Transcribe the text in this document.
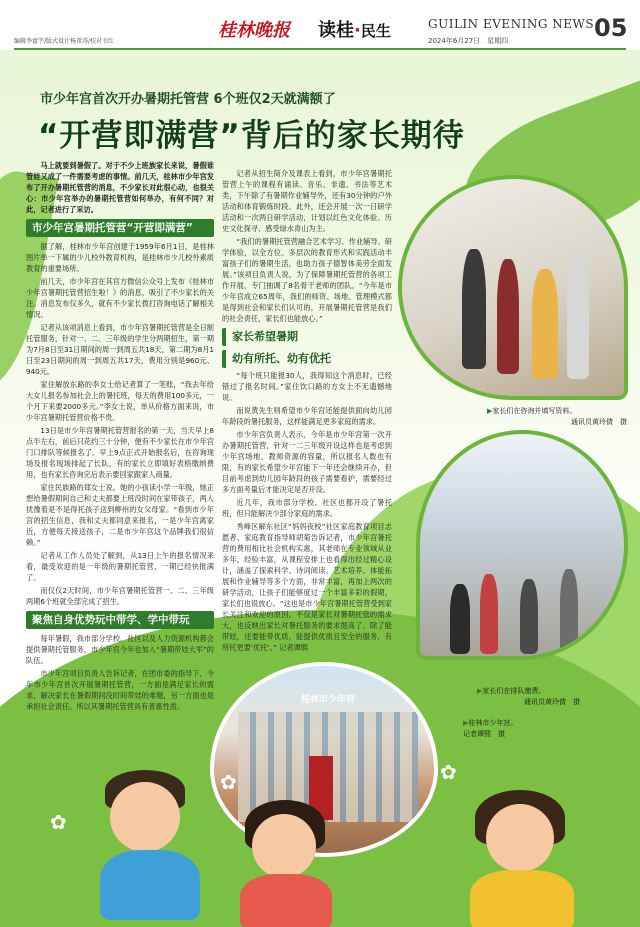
编辑李富宇/版式设计杨希涛/校对韦红
桂林晚报 读桂·民生	GUILIN EVENING NEWS
2024年6月27日　星期四	05
市少年宫首次开办暑期托管营 6个班仅2天就满额了
“开营即满营”背后的家长期待

马上就要到暑假了。对于不少上班族家长来说，暑假谁管娃又成了一件需要考虑的事情。前几天，桂林市少年宫发布了开办暑期托管营的消息，不少家长对此很心动，也很关心：市少年宫举办的暑期托管营如何举办，有何不同？对此，记者进行了采访。

市少年宫暑期托管营“开营即满营”

据了解，桂林市少年宫创建于1959年6月1日，是桂林图片单一下属的少儿校外教育机构，是桂林市少儿校外素质教育的重要场所。

前几天，市少年宫在其官方微信公众号上发布《桂林市少年宫暑期托管营招生啦！》的消息，吸引了不少家长的关注。消息发布仅多久，就有不少家长拨打咨询电话了解相关情况。

记者从该项消息上看到，市少年宫暑期托管营是全日制托管服务，针对一、二、三年级的学生分两期招生，第一期为7月8日至31日期间的周一到周五共18天，第二期为8月1日至23日期间的周一到周五共17天，费用分别是960元、940元。

家住解放东路的李女士给记者算了一笔账，“我去年给大女儿报名参加社会上的暑托班，每天的费用100多元，一个月下来要2000多元。”李女士说，单从价格方面来说，市少年宫暑期托管营价格不贵。

13日是市少年宫暑期托管营报名的第一天，当天早上8点半左右，前后只花约三十分钟，便有不少家长在市少年宫门口排队等候报名了。早上9点正式开始报名后，在咨询现场及报名现场排起了长队，有的家长立即填好表格缴纳费用，也有家长咨询完后表示要回家跟家人商量。

家住民族路的郑女士说，她的小孩读小学一年级，她正想给暑假期间自己和丈夫都要上班没时间在家带孩子，两人扰豫着是不是得托孩子送到柳州的女父母家。“看到市少年宫的招生信息，我和丈夫都同意来报名，一是少年宫离家近，方便每天接送孩子，二是市少年宫这个品牌我们很信赖。”

记者从工作人员处了解到，从13日上午的报名情况来看，最受欢迎的是一年级的暑期托管营，一期已经快报满了。

而仅仅2天时间，市少年宫暑期托管营一、二、三年级两期6个班就全部完成了招生。

聚焦自身优势玩中带学、学中带玩

每年暑假，我市部分学校、社区以及人力资源机构都会提供暑期托管服务，市少年宫今年也加入“暑期带娃大军”的队伍。

市少年宫项目负责人告诉记者，在团市委的指导下，今年市少年宫首次开展暑期托管营，一方面是满足家长的需求，解决家长在暑假期间没时间带娃的难题，另一方面也是承担社会责任。所以其暑期托管营具有普惠性质。

记者从招生简介及课表上看到，市少年宫暑期托管营上午的课程有诵读、音乐、非遗、书法等艺术类，下午除了有暑期作业辅导外，还有30分钟的户外活动和体育锻炼时段。此外，还会开展一次一日研学活动和一次两日研学活动，计划以红色文化体验、历史文化探寻、感受绿水青山为主。

“我们的暑期托管营融合艺术学习、作业辅导、研学体验，以全方位、多层次的教育形式和实践活动丰富孩子们的暑期生活，也助力孩子德智体美劳全面发展。”该项目负责人说，为了保障暑期托管营的各项工作开展，专门抽调了8名骨干老师的团队。“今年是市少年宫成立65周年，我们的师资、场地、管理模式都是得到社会和家长们认可的，开展暑期托管营是我们的社会责任，家长们也能放心。”

家长希望暑期
幼有所托、幼有优托

“每个班只能报30人，我得知这个消息时，已经错过了报名时间。”家住饮口路的方女士不无遗憾地说。

而说黄先生则希望市少年宫还能提供面向幼儿园年龄段的暑托服务，这样能满足更多家庭的需求。

市少年宫负责人表示，今年是市少年宫第一次开办暑期托管营，针对一二三年级开设这样也是考虑到少年宫场地、教师资源的容量，所以报名人数也有限，有的家长希望少年宫能下一年还会继续开办，但目前考虑到幼儿园年龄段的孩子需要看护，需要经过多方面考量后才能决定是否开设。

近几年，我市部分学校、社区也都开设了暑托班，但只能解决少部分家庭的需求。

秀峰区解东社区“妈妈夜校”社区家庭教育项目志愿者、家庭教育指导师胡菊告诉记者，市少年宫暑托营的费用相比社会机构实惠，其老师在专业领域从业多年，经验丰富，从课程安排上也看得出经过精心设计，涵盖了探索科学、诗词阅读、艺术培养、体能拓展和作业辅导等多个方面，非常丰富，再加上两次的研学活动，让孩子们能够度过一个丰富多彩的假期，家长们也很放心。“这也是市少年宫暑期托管营受到家长关注和欢迎的原因。不仅是家长对暑期托管的需求大，也反映出家长对暑托服务的要求提高了，除了能带娃，还要能带优质，能提供优质且安全的服务，有所托更要‘优托’。” 记者谭熙

▶家长们在咨询并填写资料。
通讯员黄玲倩　摄
▶家长们在排队缴费。
通讯员黄玲倩　摄
桂林市少年宫
▶桂林市少年宫。
记者谭熙　摄
✿
✿	✿
